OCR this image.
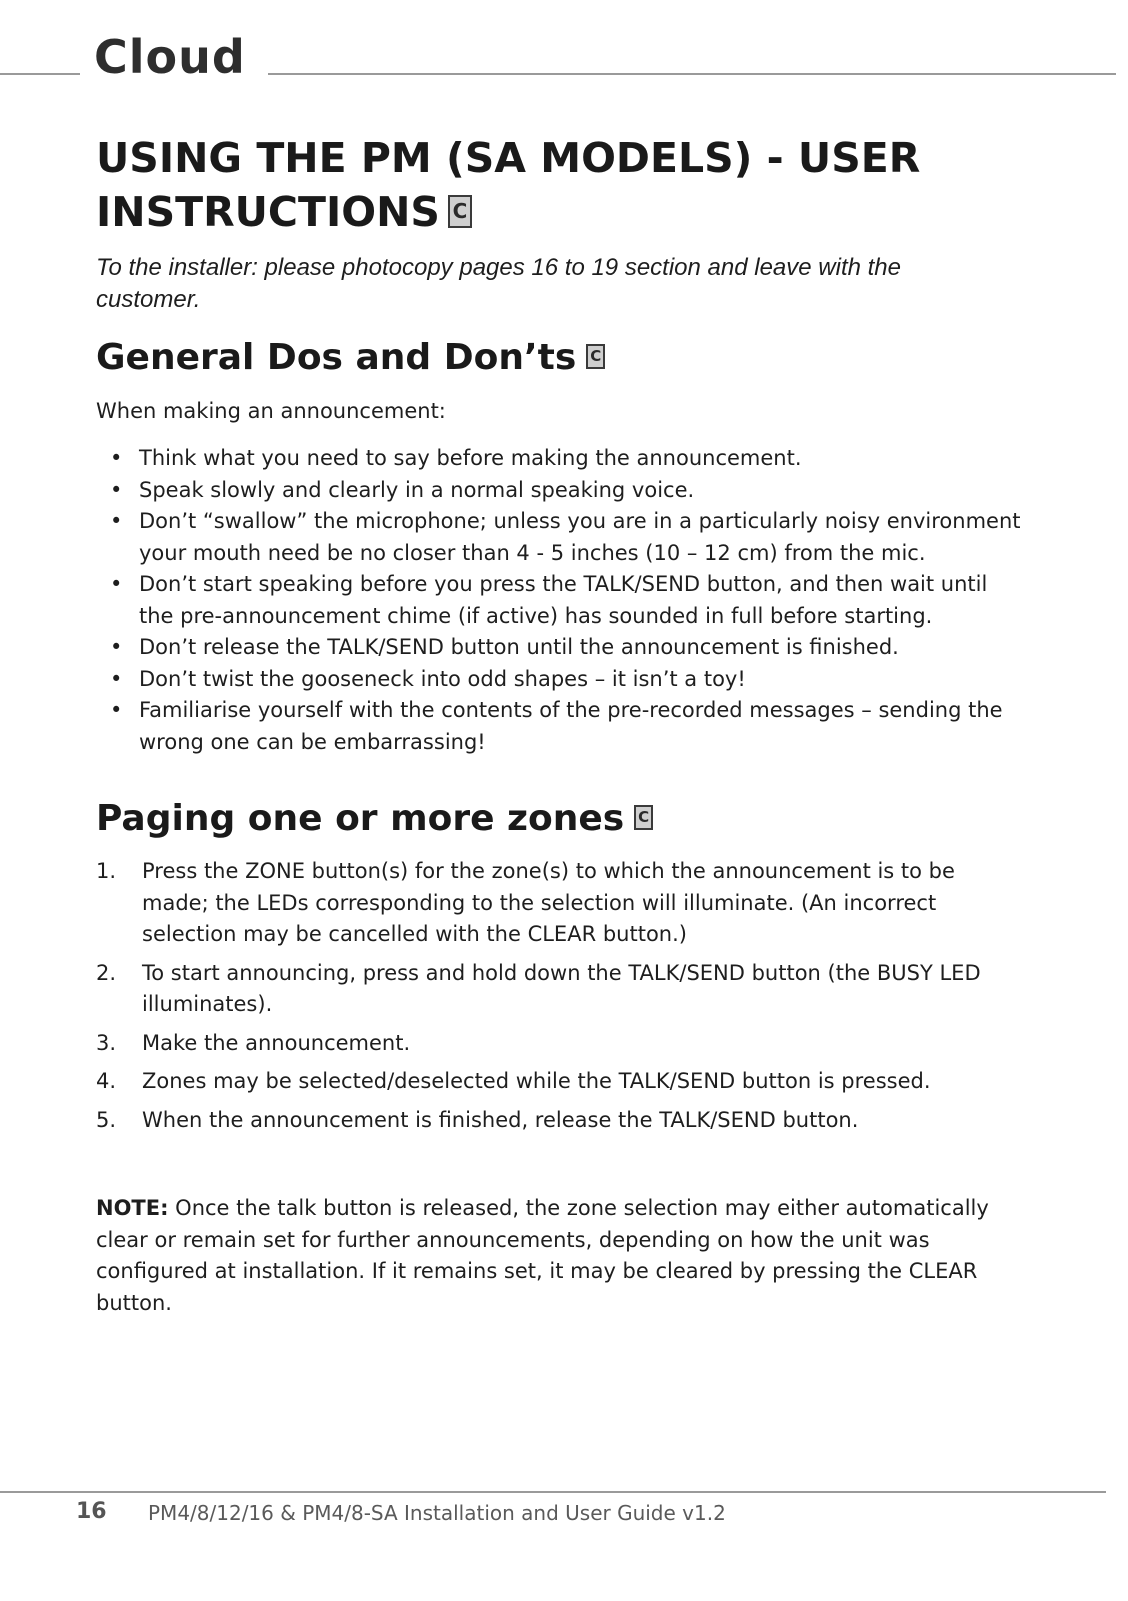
Cloud
USING THE PM (SA MODELS) - USER
INSTRUCTIONS C

To the installer: please photocopy pages 16 to 19 section and leave with the customer.

General Dos and Don’ts C

When making an announcement:

• Think what you need to say before making the announcement.
• Speak slowly and clearly in a normal speaking voice.
• Don’t “swallow” the microphone; unless you are in a particularly noisy environment your mouth need be no closer than 4 - 5 inches (10 – 12 cm) from the mic.
• Don’t start speaking before you press the TALK/SEND button, and then wait until the pre-announcement chime (if active) has sounded in full before starting.
• Don’t release the TALK/SEND button until the announcement is finished.
• Don’t twist the gooseneck into odd shapes – it isn’t a toy!
• Familiarise yourself with the contents of the pre-recorded messages – sending the wrong one can be embarrassing!
Paging one or more zones C
1. Press the ZONE button(s) for the zone(s) to which the announcement is to be made; the LEDs corresponding to the selection will illuminate. (An incorrect selection may be cancelled with the CLEAR button.)
2. To start announcing, press and hold down the TALK/SEND button (the BUSY LED illuminates).
3. Make the announcement.
4. Zones may be selected/deselected while the TALK/SEND button is pressed.
5. When the announcement is finished, release the TALK/SEND button.

NOTE: Once the talk button is released, the zone selection may either automatically clear or remain set for further announcements, depending on how the unit was configured at installation. If it remains set, it may be cleared by pressing the CLEAR button.

16 PM4/8/12/16 & PM4/8-SA Installation and User Guide v1.2
